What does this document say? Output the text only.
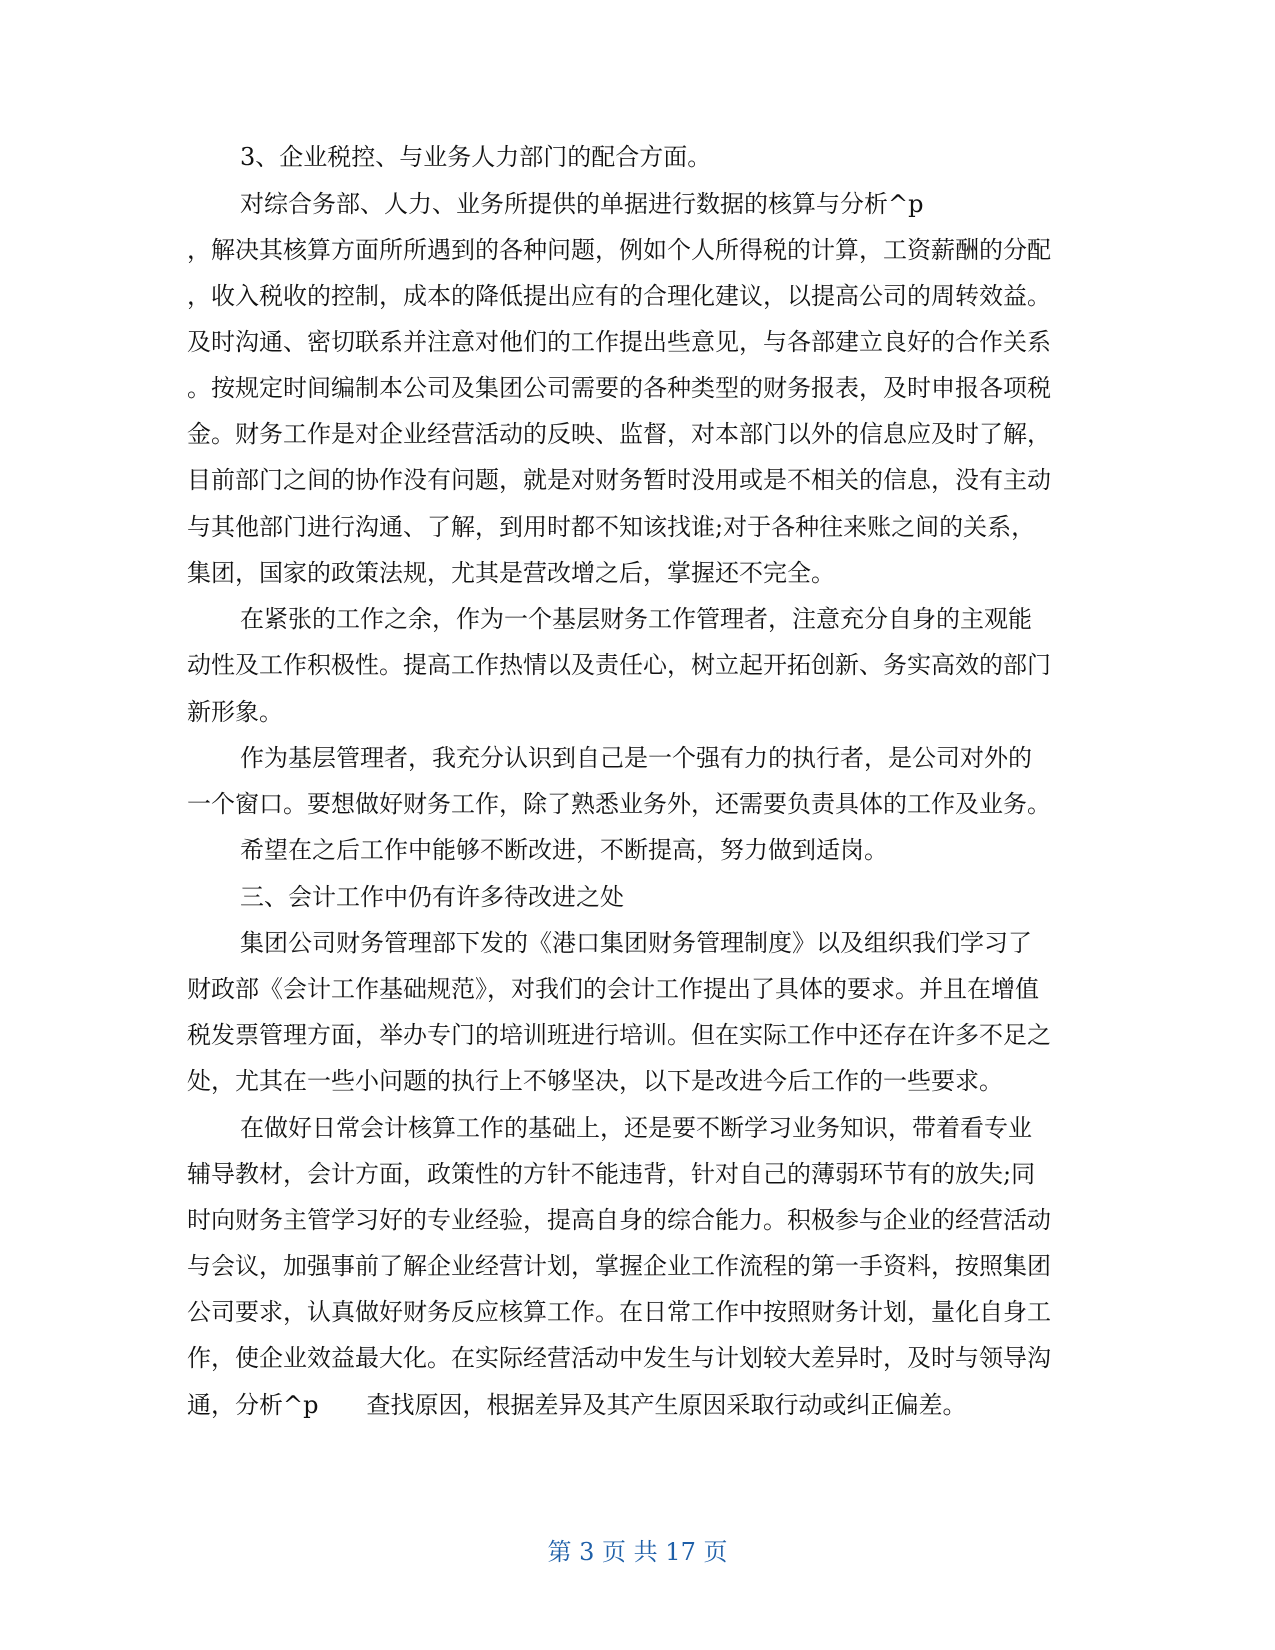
3、企业税控、与业务人力部门的配合方面。
对综合务部、人力、业务所提供的单据进行数据的核算与分析^p
，解决其核算方面所所遇到的各种问题，例如个人所得税的计算，工资薪酬的分配
，收入税收的控制，成本的降低提出应有的合理化建议，以提高公司的周转效益。
及时沟通、密切联系并注意对他们的工作提出些意见，与各部建立良好的合作关系
。按规定时间编制本公司及集团公司需要的各种类型的财务报表，及时申报各项税
金。财务工作是对企业经营活动的反映、监督，对本部门以外的信息应及时了解，
目前部门之间的协作没有问题，就是对财务暂时没用或是不相关的信息，没有主动
与其他部门进行沟通、了解，到用时都不知该找谁;对于各种往来账之间的关系，
集团，国家的政策法规，尤其是营改增之后，掌握还不完全。
在紧张的工作之余，作为一个基层财务工作管理者，注意充分自身的主观能
动性及工作积极性。提高工作热情以及责任心，树立起开拓创新、务实高效的部门
新形象。
作为基层管理者，我充分认识到自己是一个强有力的执行者，是公司对外的
一个窗口。要想做好财务工作，除了熟悉业务外，还需要负责具体的工作及业务。
希望在之后工作中能够不断改进，不断提高，努力做到适岗。
三、会计工作中仍有许多待改进之处
集团公司财务管理部下发的《港口集团财务管理制度》以及组织我们学习了
财政部《会计工作基础规范》，对我们的会计工作提出了具体的要求。并且在增值
税发票管理方面，举办专门的培训班进行培训。但在实际工作中还存在许多不足之
处，尤其在一些小问题的执行上不够坚决，以下是改进今后工作的一些要求。
在做好日常会计核算工作的基础上，还是要不断学习业务知识，带着看专业
辅导教材，会计方面，政策性的方针不能违背，针对自己的薄弱环节有的放失;同
时向财务主管学习好的专业经验，提高自身的综合能力。积极参与企业的经营活动
与会议，加强事前了解企业经营计划，掌握企业工作流程的第一手资料，按照集团
公司要求，认真做好财务反应核算工作。在日常工作中按照财务计划，量化自身工
作，使企业效益最大化。在实际经营活动中发生与计划较大差异时，及时与领导沟
通，分析^p　　查找原因，根据差异及其产生原因采取行动或纠正偏差。
第 3 页 共 17 页
